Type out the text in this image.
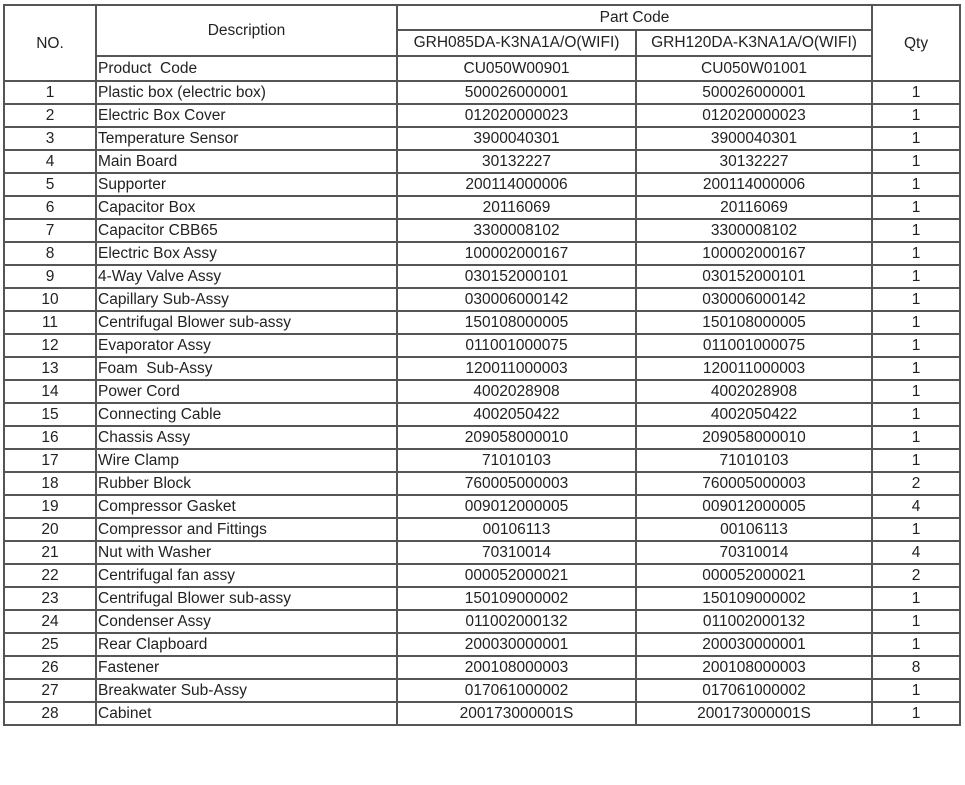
NO.	Description	Part Code		Qty
		GRH085DA-K3NA1A/O(WIFI)	GRH120DA-K3NA1A/O(WIFI)	
	Product  Code	CU050W00901	CU050W01001	
1	Plastic box (electric box)	500026000001	500026000001	1
2	Electric Box Cover	012020000023	012020000023	1
3	Temperature Sensor	3900040301	3900040301	1
4	Main Board	30132227	30132227	1
5	Supporter	200114000006	200114000006	1
6	Capacitor Box	20116069	20116069	1
7	Capacitor CBB65	3300008102	3300008102	1
8	Electric Box Assy	100002000167	100002000167	1
9	4-Way Valve Assy	030152000101	030152000101	1
10	Capillary Sub-Assy	030006000142	030006000142	1
11	Centrifugal Blower sub-assy	150108000005	150108000005	1
12	Evaporator Assy	011001000075	011001000075	1
13	Foam  Sub-Assy	120011000003	120011000003	1
14	Power Cord	4002028908	4002028908	1
15	Connecting Cable	4002050422	4002050422	1
16	Chassis Assy	209058000010	209058000010	1
17	Wire Clamp	71010103	71010103	1
18	Rubber Block	760005000003	760005000003	2
19	Compressor Gasket	009012000005	009012000005	4
20	Compressor and Fittings	00106113	00106113	1
21	Nut with Washer	70310014	70310014	4
22	Centrifugal fan assy	000052000021	000052000021	2
23	Centrifugal Blower sub-assy	150109000002	150109000002	1
24	Condenser Assy	011002000132	011002000132	1
25	Rear Clapboard	200030000001	200030000001	1
26	Fastener	200108000003	200108000003	8
27	Breakwater Sub-Assy	017061000002	017061000002	1
28	Cabinet	200173000001S	200173000001S	1
